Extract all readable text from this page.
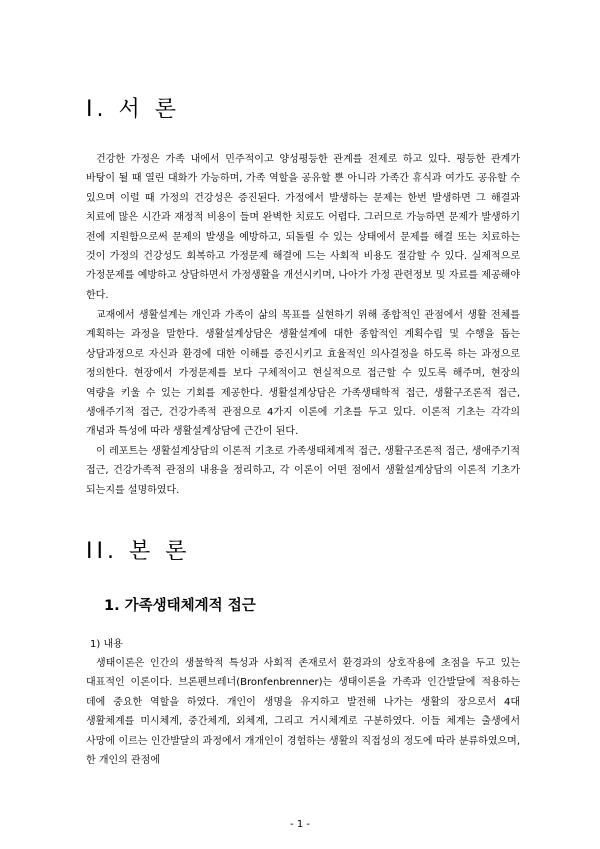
I. 서 론

건강한 가정은 가족 내에서 민주적이고 양성평등한 관계를 전제로 하고 있다. 평등한 관계가 바탕이 될 때 열린 대화가 가능하며, 가족 역할을 공유할 뿐 아니라 가족간 휴식과 여가도 공유할 수 있으며 이럴 때 가정의 건강성은 증진된다. 가정에서 발생하는 문제는 한번 발생하면 그 해결과 치료에 많은 시간과 재정적 비용이 들며 완벽한 치료도 어렵다. 그러므로 가능하면 문제가 발생하기 전에 지원함으로써 문제의 발생을 예방하고, 되돌릴 수 있는 상태에서 문제를 해결 또는 치료하는 것이 가정의 건강성도 회복하고 가정문제 해결에 드는 사회적 비용도 절감할 수 있다. 실제적으로 가정문제를 예방하고 상담하면서 가정생활을 개선시키며, 나아가 가정 관련정보 및 자료를 제공해야 한다.

교재에서 생활설계는 개인과 가족이 삶의 목표를 실현하기 위해 종합적인 관점에서 생활 전체를 계획하는 과정을 말한다. 생활설계상담은 생활설계에 대한 종합적인 계획수립 및 수행을 돕는 상담과정으로 자신과 환경에 대한 이해를 증진시키고 효율적인 의사결정을 하도록 하는 과정으로 정의한다. 현장에서 가정문제를 보다 구체적이고 현실적으로 접근할 수 있도록 해주며, 현장의 역량을 키울 수 있는 기회를 제공한다. 생활설계상담은 가족생태학적 접근, 생활구조론적 접근, 생애주기적 접근, 건강가족적 관점으로 4가지 이론에 기초를 두고 있다. 이론적 기초는 각각의 개념과 특성에 따라 생활설계상담에 근간이 된다.

이 레포트는 생활설계상담의 이론적 기초로 가족생태체계적 접근, 생활구조론적 접근, 생애주기적 접근, 건강가족적 관점의 내용을 정리하고, 각 이론이 어떤 점에서 생활설계상담의 이론적 기초가 되는지를 설명하였다.

II. 본 론
1. 가족생태체계적 접근
1) 내용

생태이론은 인간의 생물학적 특성과 사회적 존재로서 환경과의 상호작용에 초점을 두고 있는 대표적인 이론이다. 브론펜브레너(Bronfenbrenner)는 생태이론을 가족과 인간발달에 적용하는 데에 중요한 역할을 하였다. 개인이 생명을 유지하고 발전해 나가는 생활의 장으로서 4대 생활체계를 미시체계, 중간체계, 외체계, 그리고 거시체계로 구분하였다. 이들 체계는 출생에서 사망에 이르는 인간발달의 과정에서 개개인이 경험하는 생활의 직접성의 정도에 따라 분류하였으며, 한 개인의 관점에

- 1 -
